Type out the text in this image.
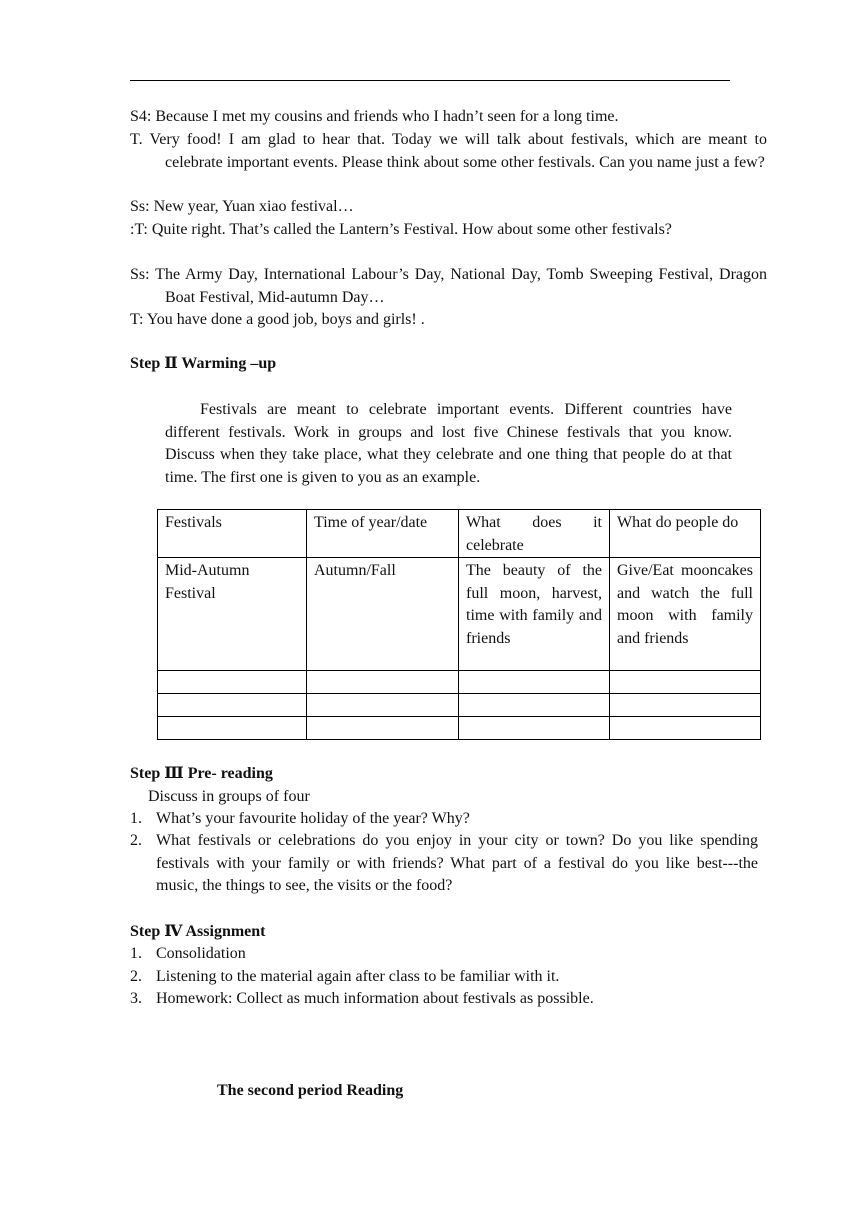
S4: Because I met my cousins and friends who I hadn’t seen for a long time.

T. Very food! I am glad to hear that. Today we will talk about festivals, which are meant to celebrate important events. Please think about some other festivals. Can you name just a few?

Ss: New year, Yuan xiao festival…

:T: Quite right. That’s called the Lantern’s Festival. How about some other festivals?

Ss: The Army Day, International Labour’s Day, National Day, Tomb Sweeping Festival, Dragon Boat Festival, Mid-autumn Day…

T: You have done a good job, boys and girls! .

Step Ⅱ Warming –up

Festivals are meant to celebrate important events. Different countries have different festivals. Work in groups and lost five Chinese festivals that you know. Discuss when they take place, what they celebrate and one thing that people do at that time. The first one is given to you as an example.

Festivals	Time of year/date	What does it celebrate	What do people do
Mid-Autumn Festival	Autumn/Fall	The beauty of the full moon, harvest, time with family and friends	Give/Eat mooncakes and watch the full moon with family and friends

Step Ⅲ Pre- reading

Discuss in groups of four

1. What’s your favourite holiday of the year? Why?
2. What festivals or celebrations do you enjoy in your city or town? Do you like spending festivals with your family or with friends? What part of a festival do you like best---the music, the things to see, the visits or the food?

Step Ⅳ Assignment

1. Consolidation
2. Listening to the material again after class to be familiar with it.
3. Homework: Collect as much information about festivals as possible.

The second period Reading
